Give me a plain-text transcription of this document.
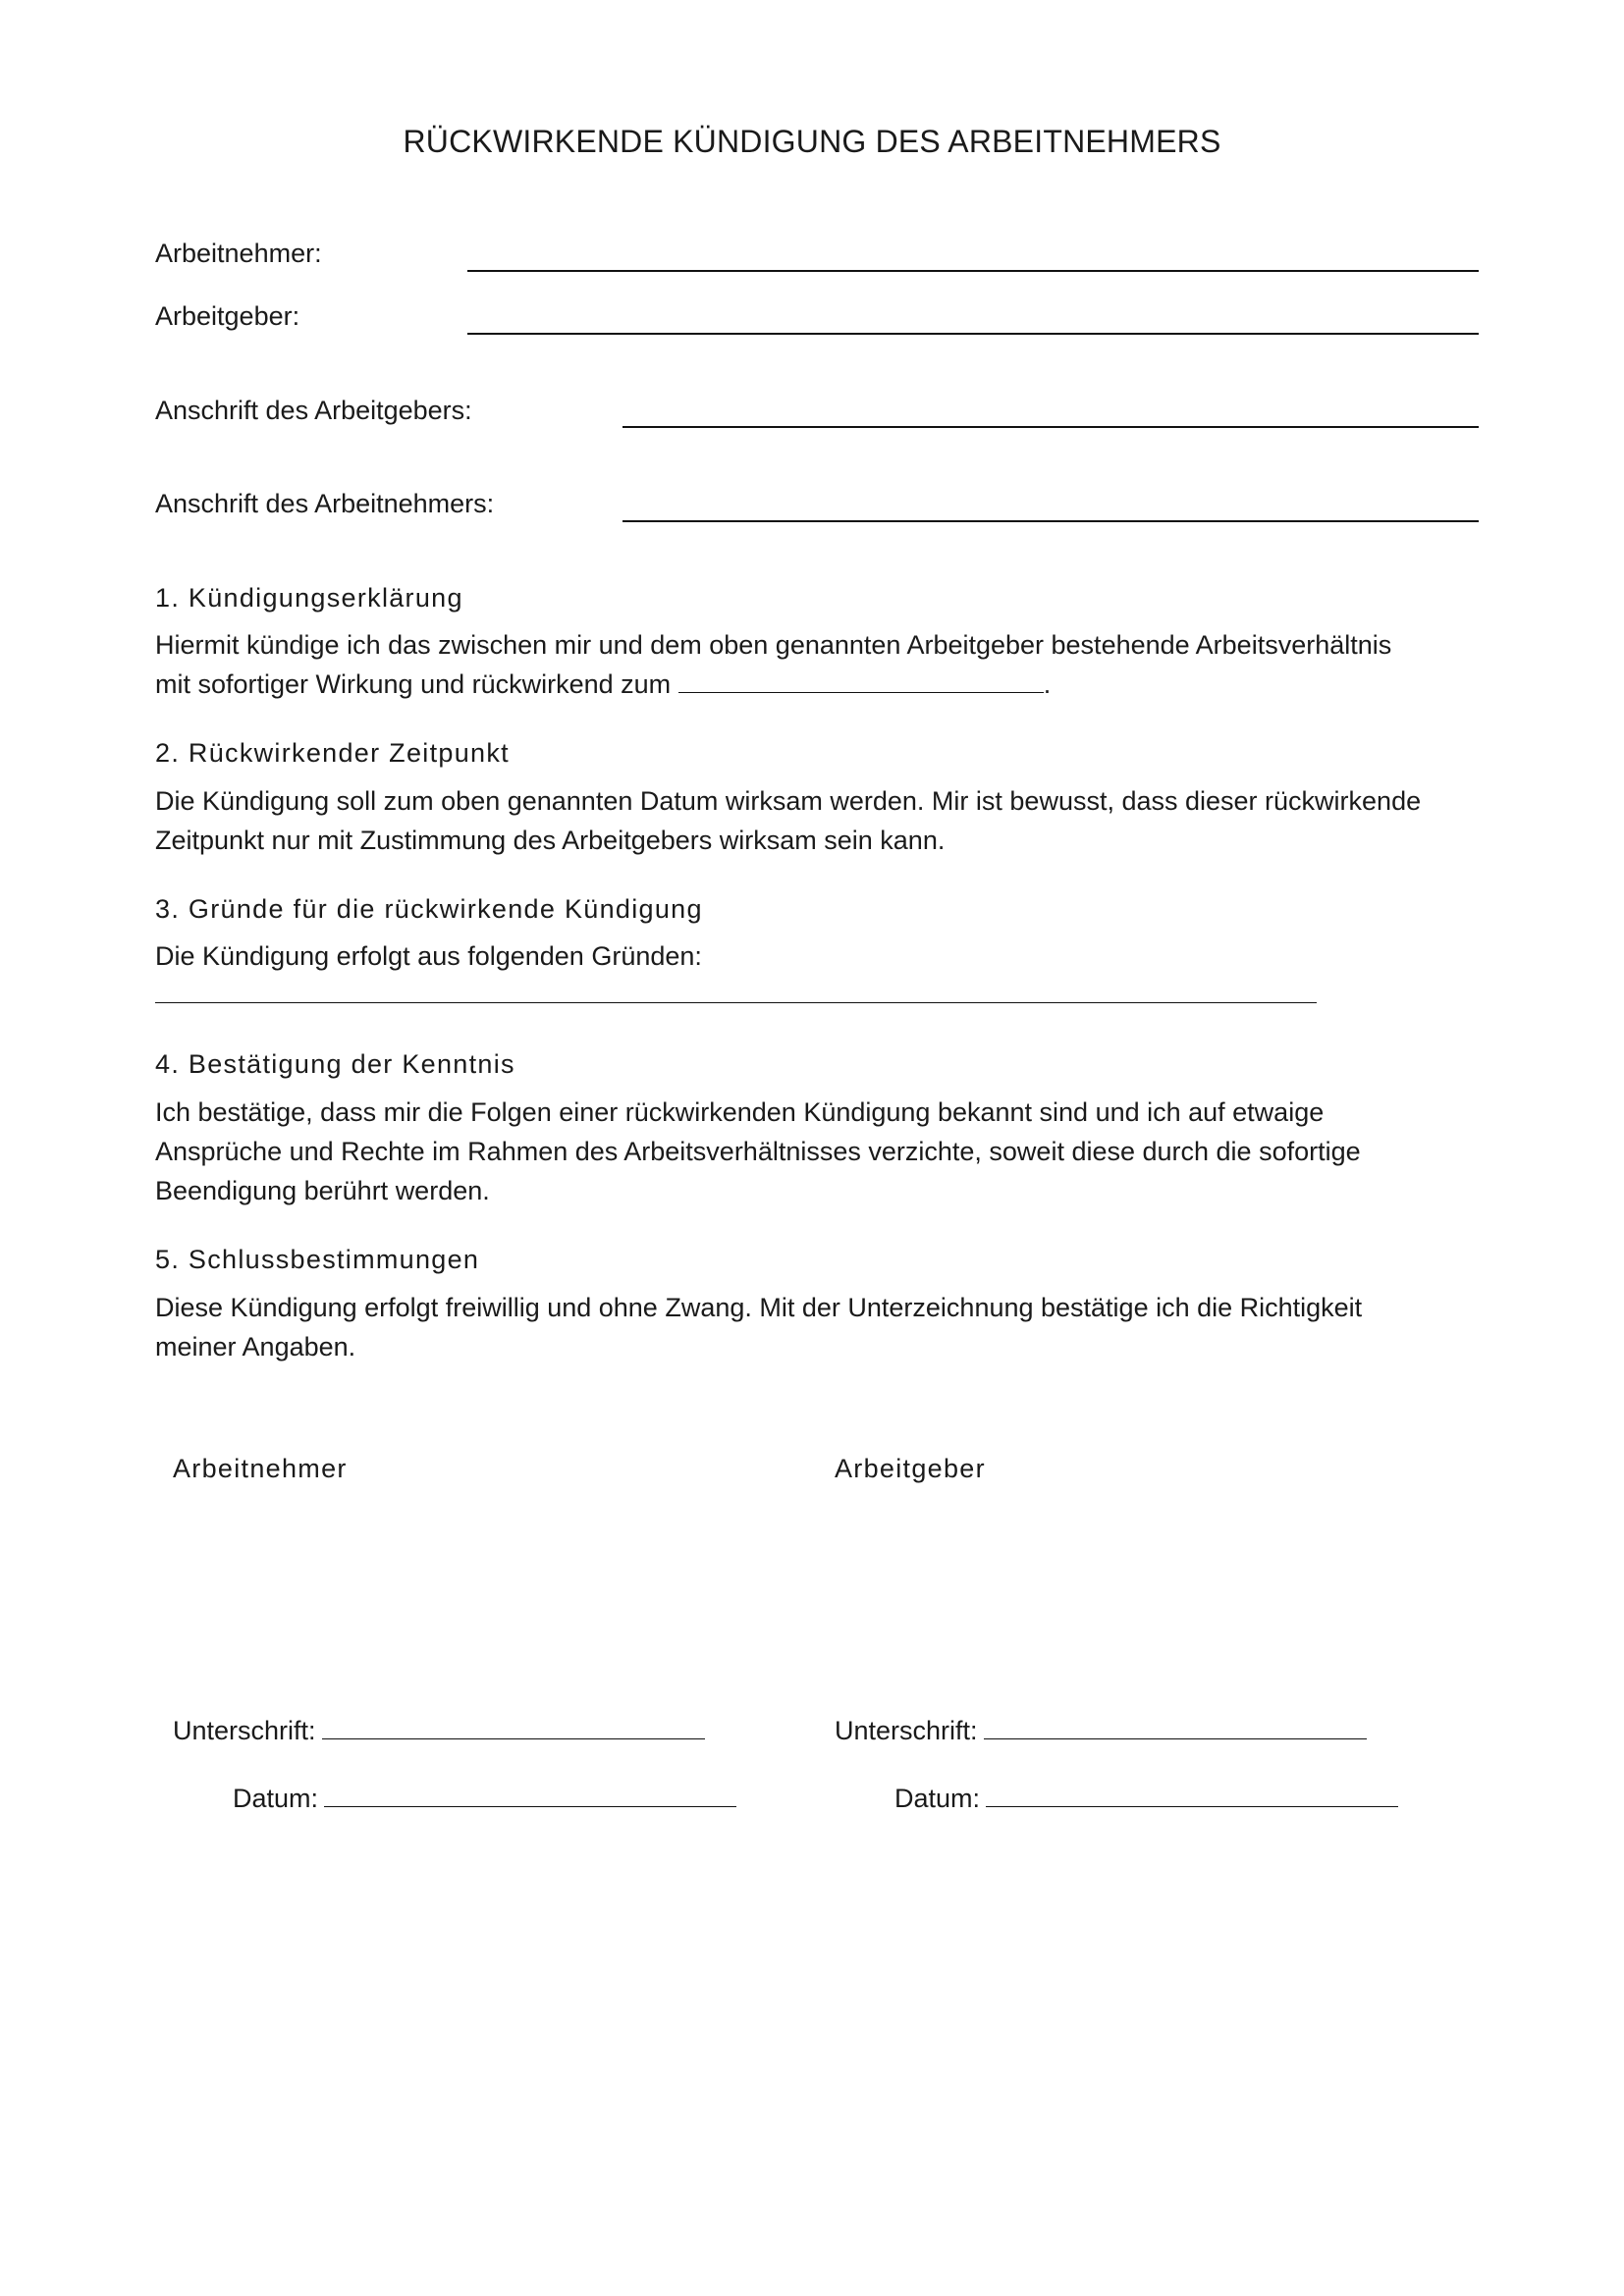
RÜCKWIRKENDE KÜNDIGUNG DES ARBEITNEHMERS
Arbeitnehmer:
Arbeitgeber:
Anschrift des Arbeitgebers:
Anschrift des Arbeitnehmers:
1. Kündigungserklärung
Hiermit kündige ich das zwischen mir und dem oben genannten Arbeitgeber bestehende Arbeitsverhältnis
mit sofortiger Wirkung und rückwirkend zum	.
2. Rückwirkender Zeitpunkt
Die Kündigung soll zum oben genannten Datum wirksam werden. Mir ist bewusst, dass dieser rückwirkende
Zeitpunkt nur mit Zustimmung des Arbeitgebers wirksam sein kann.
3. Gründe für die rückwirkende Kündigung
Die Kündigung erfolgt aus folgenden Gründen:
4. Bestätigung der Kenntnis
Ich bestätige, dass mir die Folgen einer rückwirkenden Kündigung bekannt sind und ich auf etwaige
Ansprüche und Rechte im Rahmen des Arbeitsverhältnisses verzichte, soweit diese durch die sofortige
Beendigung berührt werden.
5. Schlussbestimmungen
Diese Kündigung erfolgt freiwillig und ohne Zwang. Mit der Unterzeichnung bestätige ich die Richtigkeit
meiner Angaben.
Arbeitnehmer
Unterschrift:
Datum:
Arbeitgeber
Unterschrift:
Datum:
